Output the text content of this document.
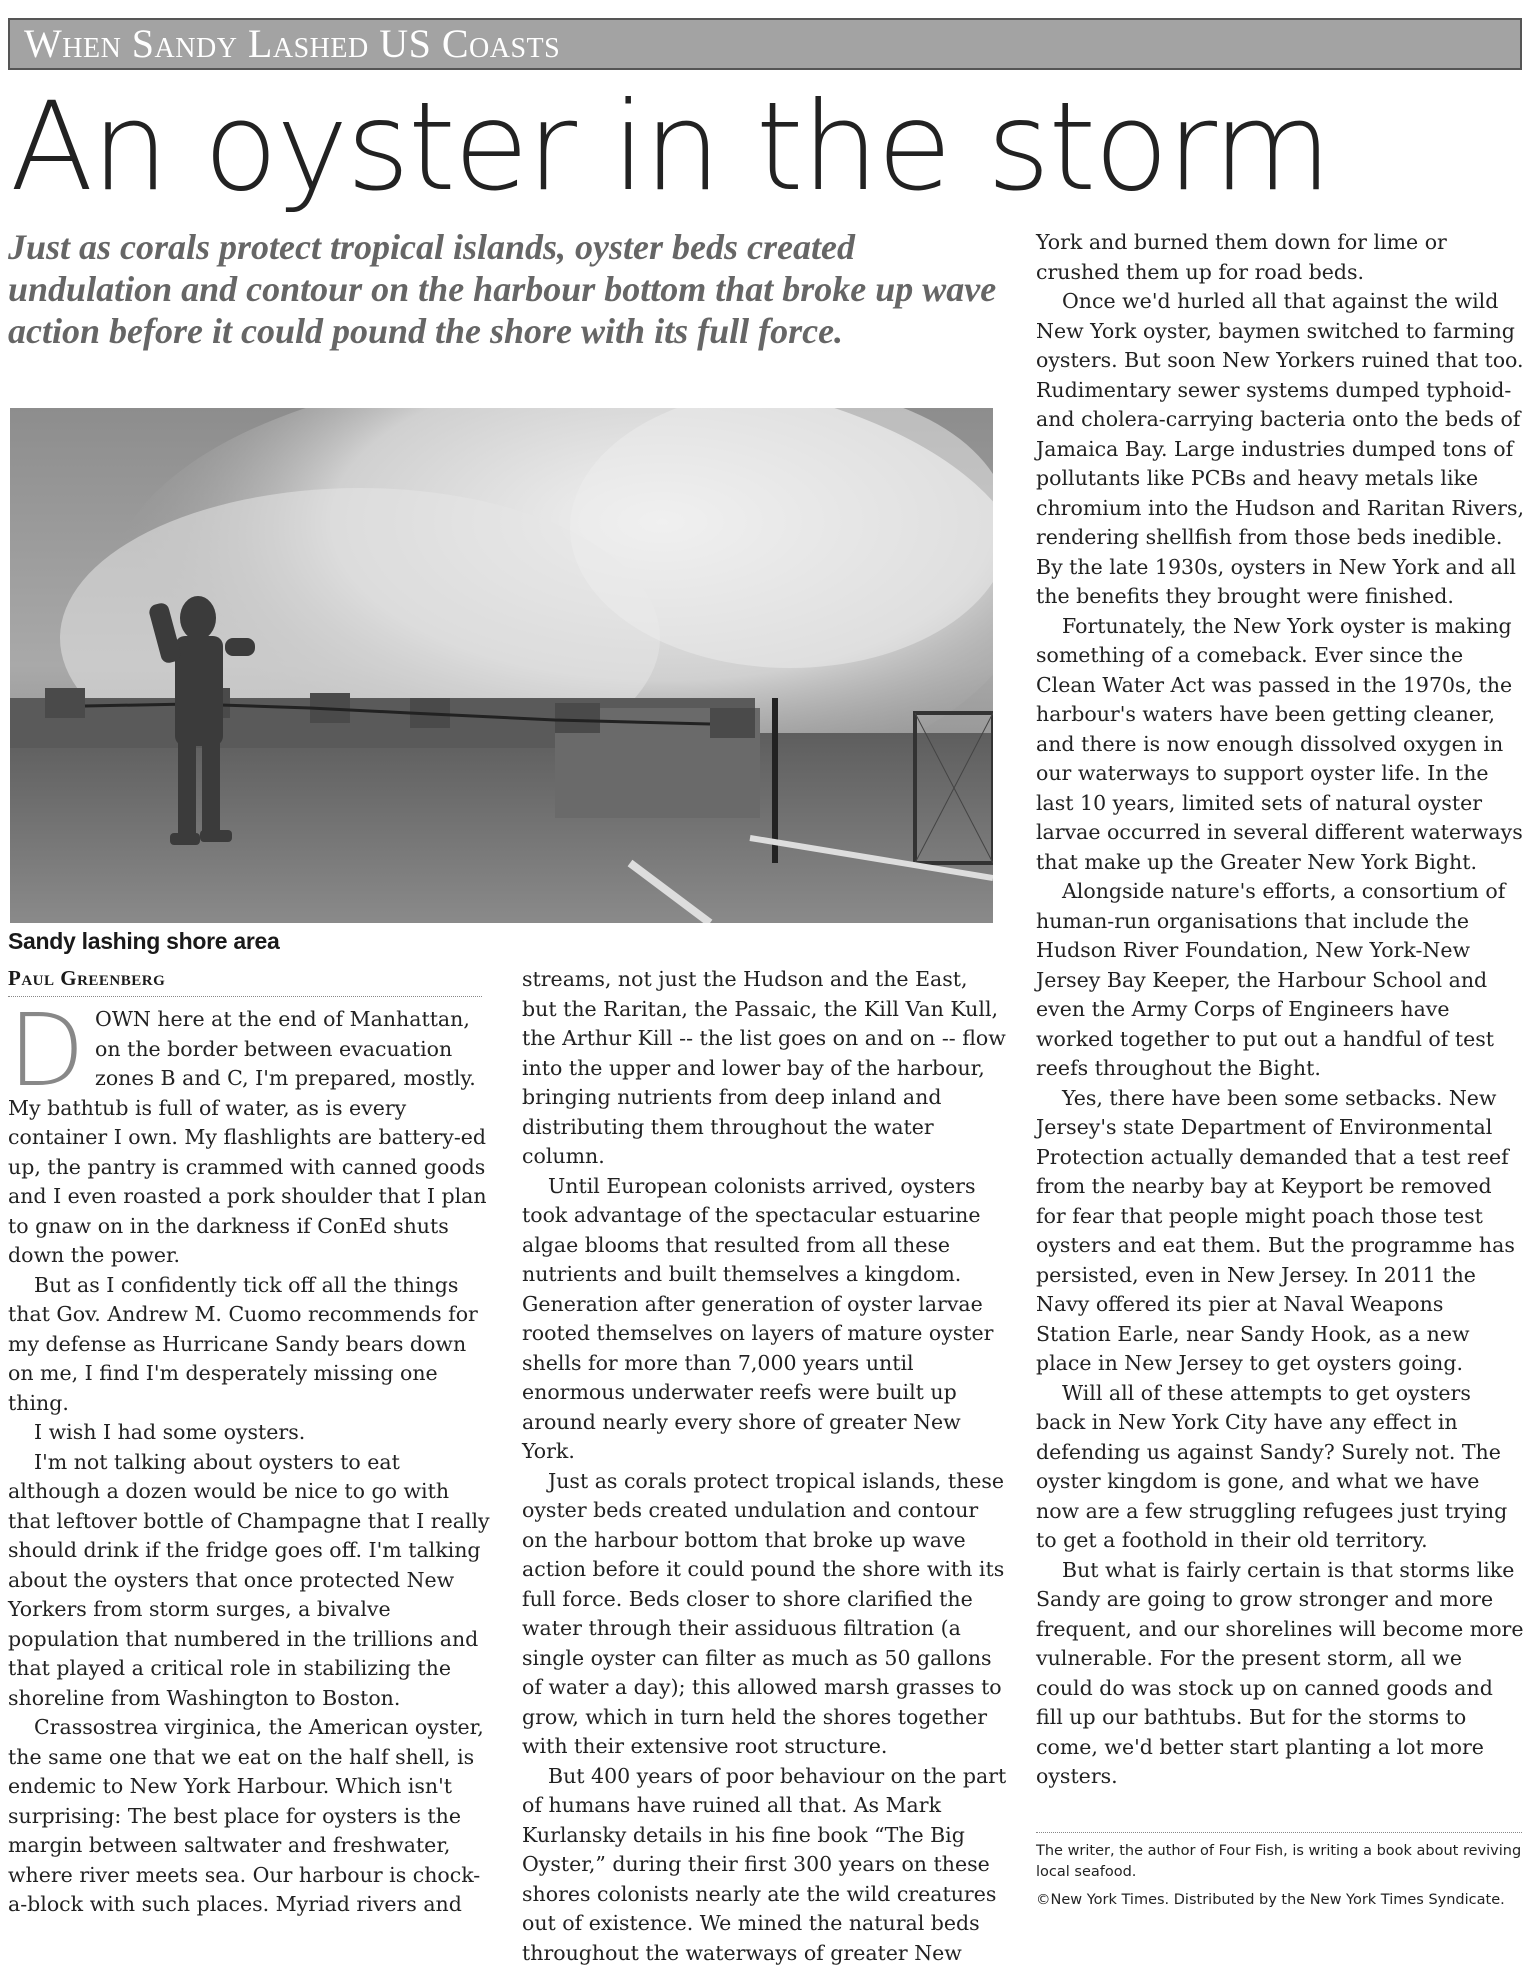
When Sandy Lashed US Coasts
An oyster in the storm

Just as corals protect tropical islands, oyster beds created undulation and contour on the harbour bottom that broke up wave action before it could pound the shore with its full force.

Sandy lashing shore area
Paul Greenberg

DOWN here at the end of Manhattan, on the border between evacuation zones B and C, I'm prepared, mostly. My bathtub is full of water, as is every container I own. My flashlights are battery-ed up, the pantry is crammed with canned goods and I even roasted a pork shoulder that I plan to gnaw on in the darkness if ConEd shuts down the power.

But as I confidently tick off all the things that Gov. Andrew M. Cuomo recommends for my defense as Hurricane Sandy bears down on me, I find I'm desperately missing one thing.

I wish I had some oysters.

I'm not talking about oysters to eat although a dozen would be nice to go with that leftover bottle of Champagne that I really should drink if the fridge goes off. I'm talking about the oysters that once protected New Yorkers from storm surges, a bivalve population that numbered in the trillions and that played a critical role in stabilizing the shoreline from Washington to Boston.

Crassostrea virginica, the American oyster, the same one that we eat on the half shell, is endemic to New York Harbour. Which isn't surprising: The best place for oysters is the margin between saltwater and freshwater, where river meets sea. Our harbour is chock-a-block with such places. Myriad rivers and

streams, not just the Hudson and the East, but the Raritan, the Passaic, the Kill Van Kull, the Arthur Kill -- the list goes on and on -- flow into the upper and lower bay of the harbour, bringing nutrients from deep inland and distributing them throughout the water column.

Until European colonists arrived, oysters took advantage of the spectacular estuarine algae blooms that resulted from all these nutrients and built themselves a kingdom. Generation after generation of oyster larvae rooted themselves on layers of mature oyster shells for more than 7,000 years until enormous underwater reefs were built up around nearly every shore of greater New York.

Just as corals protect tropical islands, these oyster beds created undulation and contour on the harbour bottom that broke up wave action before it could pound the shore with its full force. Beds closer to shore clarified the water through their assiduous filtration (a single oyster can filter as much as 50 gallons of water a day); this allowed marsh grasses to grow, which in turn held the shores together with their extensive root structure.

But 400 years of poor behaviour on the part of humans have ruined all that. As Mark Kurlansky details in his fine book “The Big Oyster,” during their first 300 years on these shores colonists nearly ate the wild creatures out of existence. We mined the natural beds throughout the waterways of greater New

York and burned them down for lime or crushed them up for road beds.

Once we'd hurled all that against the wild New York oyster, baymen switched to farming oysters. But soon New Yorkers ruined that too. Rudimentary sewer systems dumped typhoid- and cholera-carrying bacteria onto the beds of Jamaica Bay. Large industries dumped tons of pollutants like PCBs and heavy metals like chromium into the Hudson and Raritan Rivers, rendering shellfish from those beds inedible. By the late 1930s, oysters in New York and all the benefits they brought were finished.

Fortunately, the New York oyster is making something of a comeback. Ever since the Clean Water Act was passed in the 1970s, the harbour's waters have been getting cleaner, and there is now enough dissolved oxygen in our waterways to support oyster life. In the last 10 years, limited sets of natural oyster larvae occurred in several different waterways that make up the Greater New York Bight.

Alongside nature's efforts, a consortium of human-run organisations that include the Hudson River Foundation, New York-New Jersey Bay Keeper, the Harbour School and even the Army Corps of Engineers have worked together to put out a handful of test reefs throughout the Bight.

Yes, there have been some setbacks. New Jersey's state Department of Environmental Protection actually demanded that a test reef from the nearby bay at Keyport be removed for fear that people might poach those test oysters and eat them. But the programme has persisted, even in New Jersey. In 2011 the Navy offered its pier at Naval Weapons Station Earle, near Sandy Hook, as a new place in New Jersey to get oysters going.

Will all of these attempts to get oysters back in New York City have any effect in defending us against Sandy? Surely not. The oyster kingdom is gone, and what we have now are a few struggling refugees just trying to get a foothold in their old territory.

But what is fairly certain is that storms like Sandy are going to grow stronger and more frequent, and our shorelines will become more vulnerable. For the present storm, all we could do was stock up on canned goods and fill up our bathtubs. But for the storms to come, we'd better start planting a lot more oysters.

The writer, the author of Four Fish, is writing a book about reviving local seafood.
©New York Times. Distributed by the New York Times Syndicate.
